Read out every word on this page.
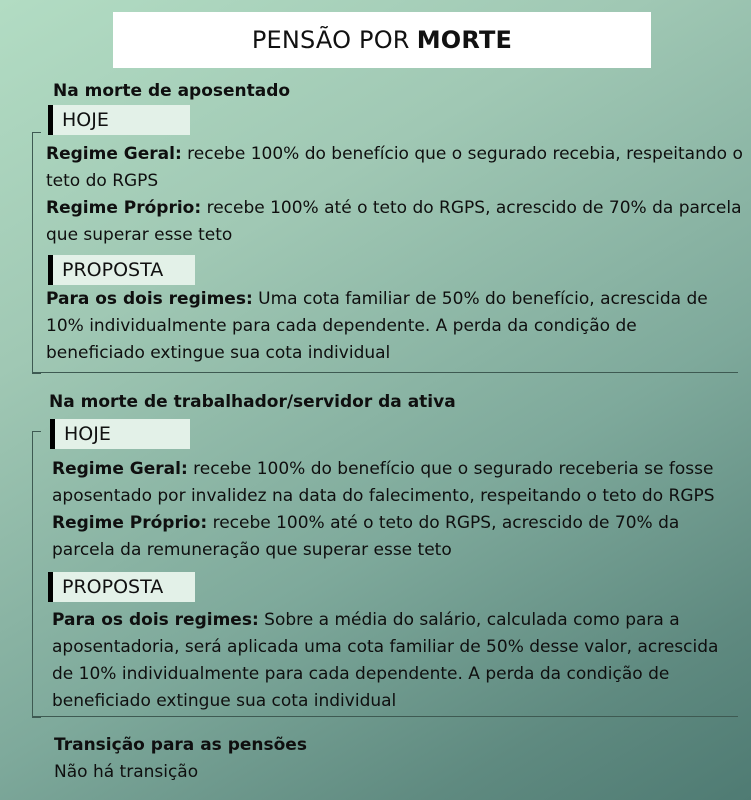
PENSÃO POR MORTE
Na morte de aposentado
HOJE
Regime Geral: recebe 100% do benefício que o segurado recebia, respeitando o teto do RGPS
Regime Próprio: recebe 100% até o teto do RGPS, acrescido de 70% da parcela que superar esse teto
PROPOSTA
Para os dois regimes: Uma cota familiar de 50% do benefício, acrescida de 10% individualmente para cada dependente. A perda da condição de beneficiado extingue sua cota individual
Na morte de trabalhador/servidor da ativa
HOJE
Regime Geral: recebe 100% do benefício que o segurado receberia se fosse aposentado por invalidez na data do falecimento, respeitando o teto do RGPS
Regime Próprio: recebe 100% até o teto do RGPS, acrescido de 70% da parcela da remuneração que superar esse teto
PROPOSTA
Para os dois regimes: Sobre a média do salário, calculada como para a aposentadoria, será aplicada uma cota familiar de 50% desse valor, acrescida de 10% individualmente para cada dependente. A perda da condição de beneficiado extingue sua cota individual
Transição para as pensões
Não há transição
